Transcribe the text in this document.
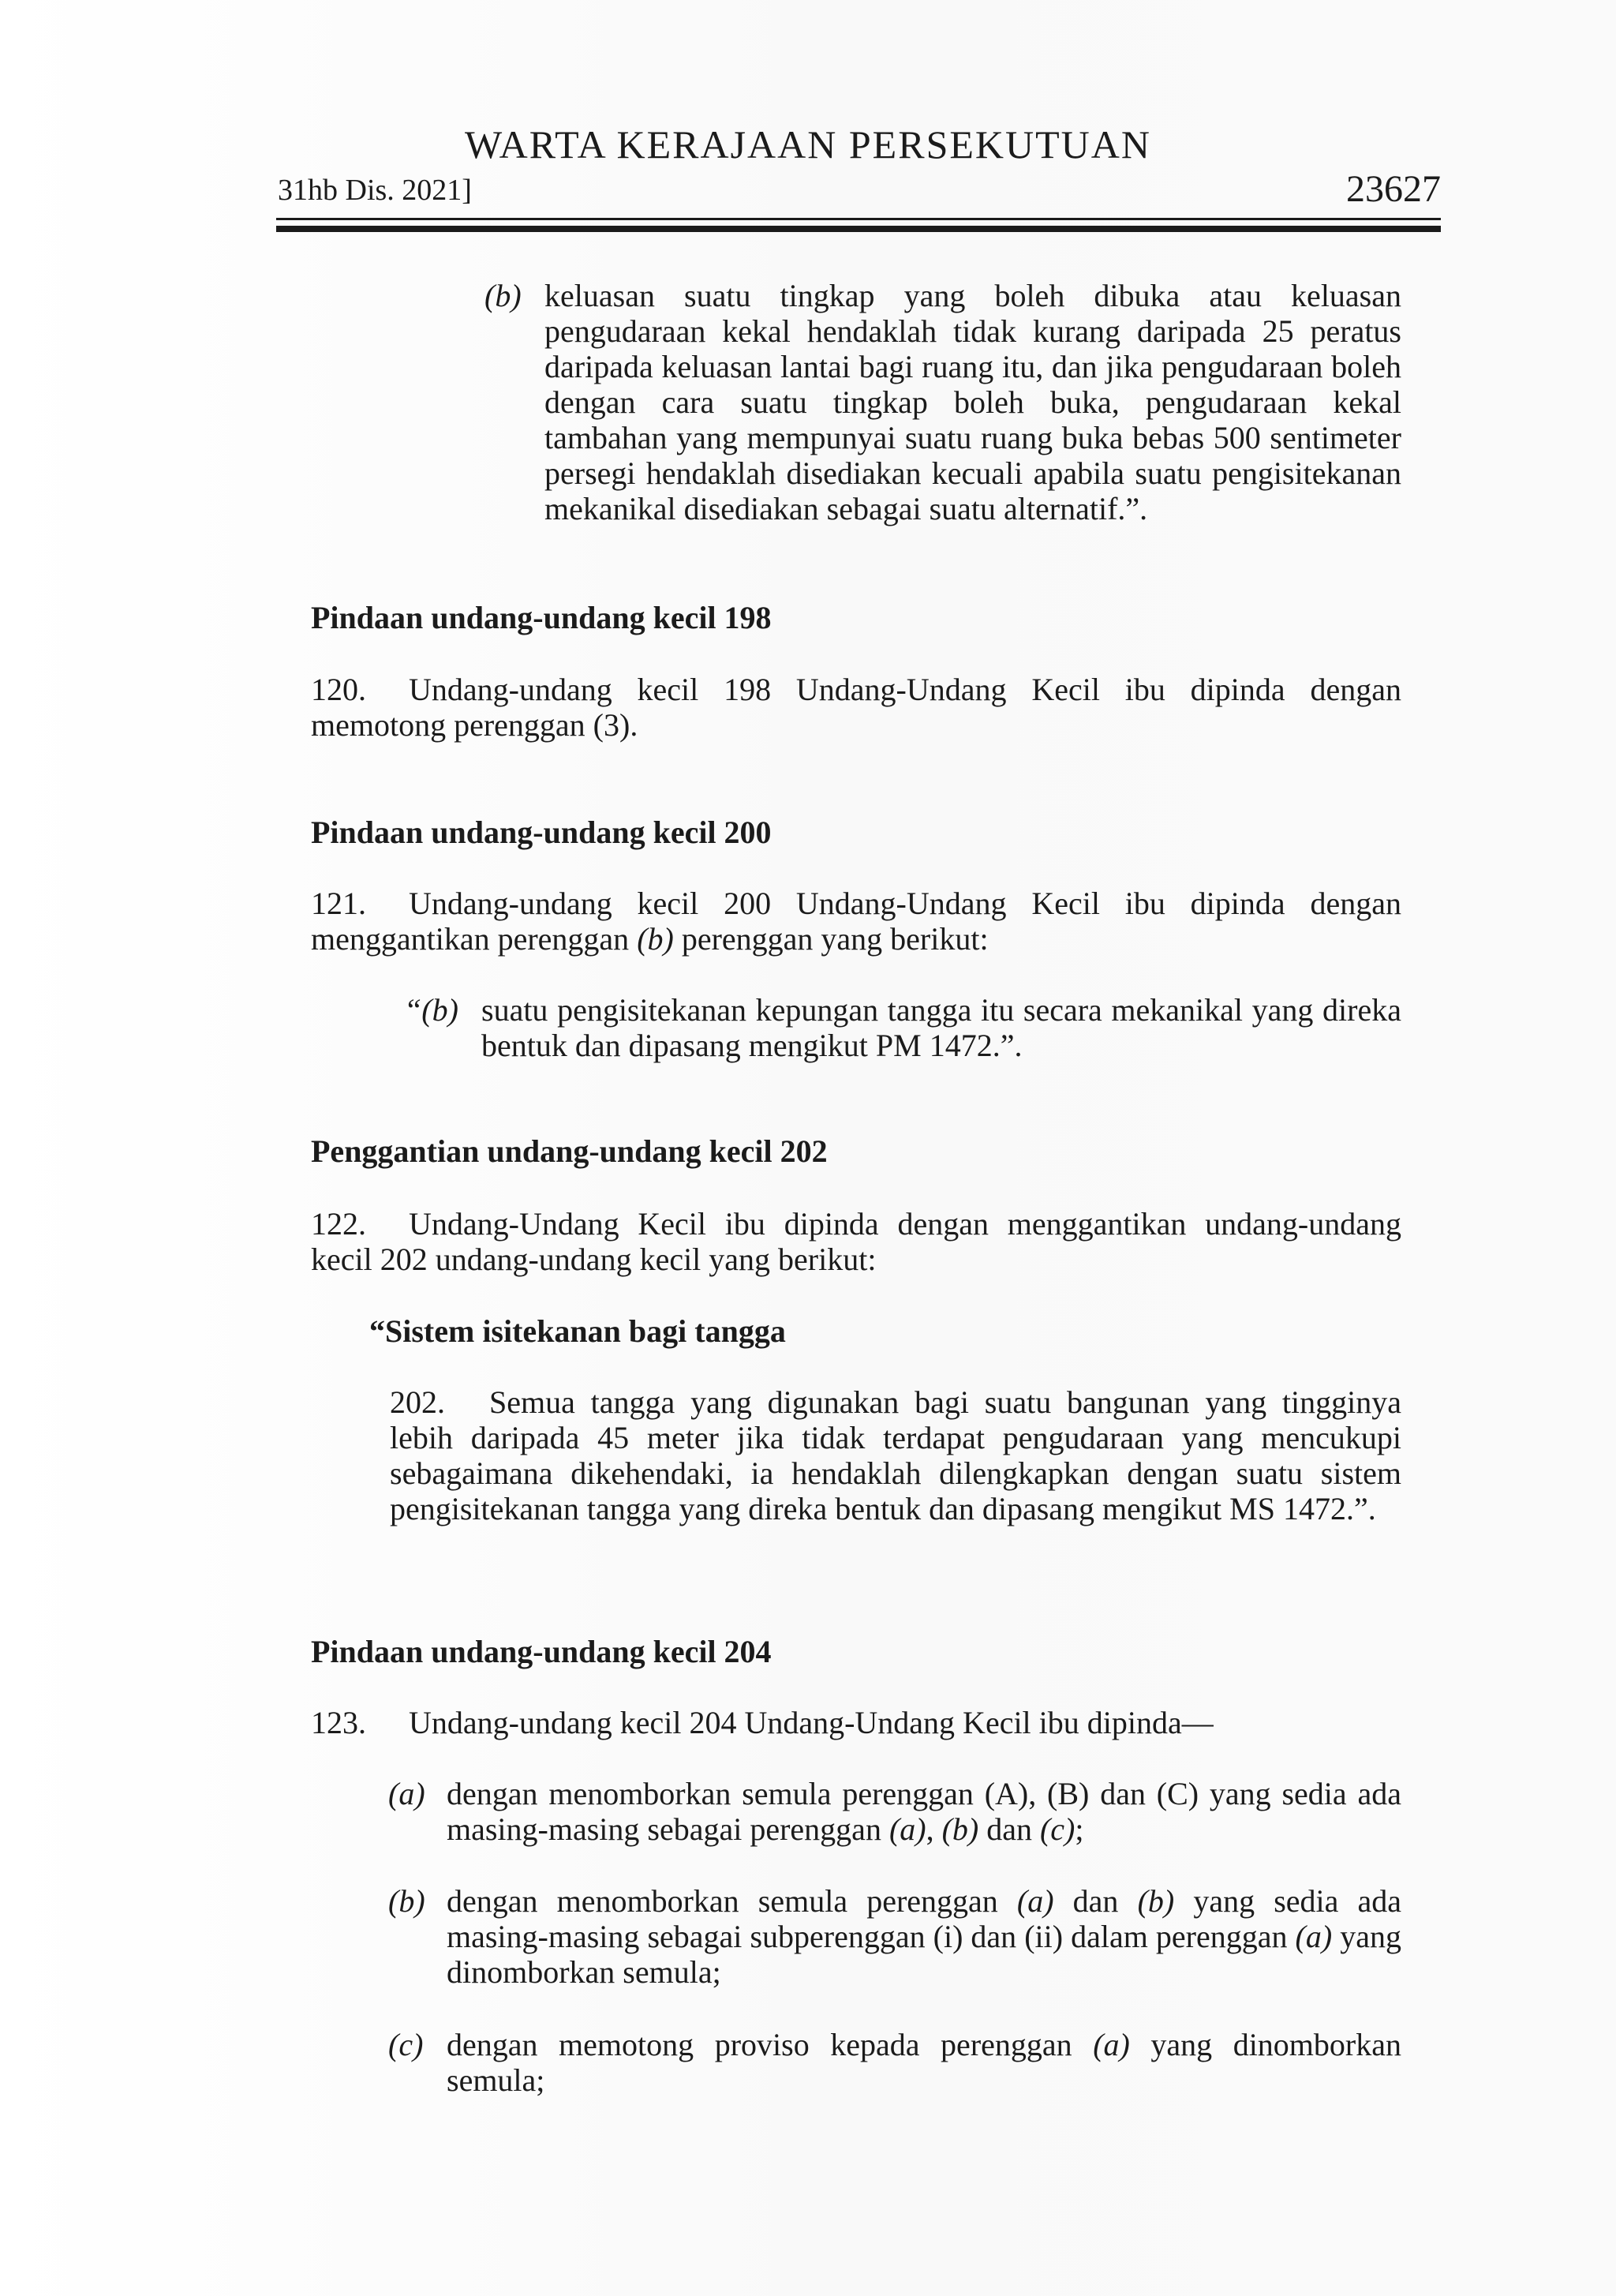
WARTA KERAJAAN PERSEKUTUAN
31hb Dis. 2021]	23627
(b) keluasan suatu tingkap yang boleh dibuka atau keluasan pengudaraan kekal hendaklah tidak kurang daripada 25 peratus daripada keluasan lantai bagi ruang itu, dan jika pengudaraan boleh dengan cara suatu tingkap boleh buka, pengudaraan kekal tambahan yang mempunyai suatu ruang buka bebas 500 sentimeter persegi hendaklah disediakan kecuali apabila suatu pengisitekanan mekanikal disediakan sebagai suatu alternatif.”.
Pindaan undang-undang kecil 198
120.	Undang-undang kecil 198 Undang-Undang Kecil ibu dipinda dengan memotong perenggan (3).
Pindaan undang-undang kecil 200
121.	Undang-undang kecil 200 Undang-Undang Kecil ibu dipinda dengan menggantikan perenggan (b) perenggan yang berikut:
“(b) suatu pengisitekanan kepungan tangga itu secara mekanikal yang direka bentuk dan dipasang mengikut PM 1472.”.
Penggantian undang-undang kecil 202
122.	Undang-Undang Kecil ibu dipinda dengan menggantikan undang-undang kecil 202 undang-undang kecil yang berikut:
“Sistem isitekanan bagi tangga
202.	Semua tangga yang digunakan bagi suatu bangunan yang tingginya lebih daripada 45 meter jika tidak terdapat pengudaraan yang mencukupi sebagaimana dikehendaki, ia hendaklah dilengkapkan dengan suatu sistem pengisitekanan tangga yang direka bentuk dan dipasang mengikut MS 1472.”.
Pindaan undang-undang kecil 204
123.	Undang-undang kecil 204 Undang-Undang Kecil ibu dipinda—
(a) dengan menomborkan semula perenggan (A), (B) dan (C) yang sedia ada masing-masing sebagai perenggan (a), (b) dan (c);
(b) dengan menomborkan semula perenggan (a) dan (b) yang sedia ada masing-masing sebagai subperenggan (i) dan (ii) dalam perenggan (a) yang dinomborkan semula;
(c) dengan memotong proviso kepada perenggan (a) yang dinomborkan semula;
